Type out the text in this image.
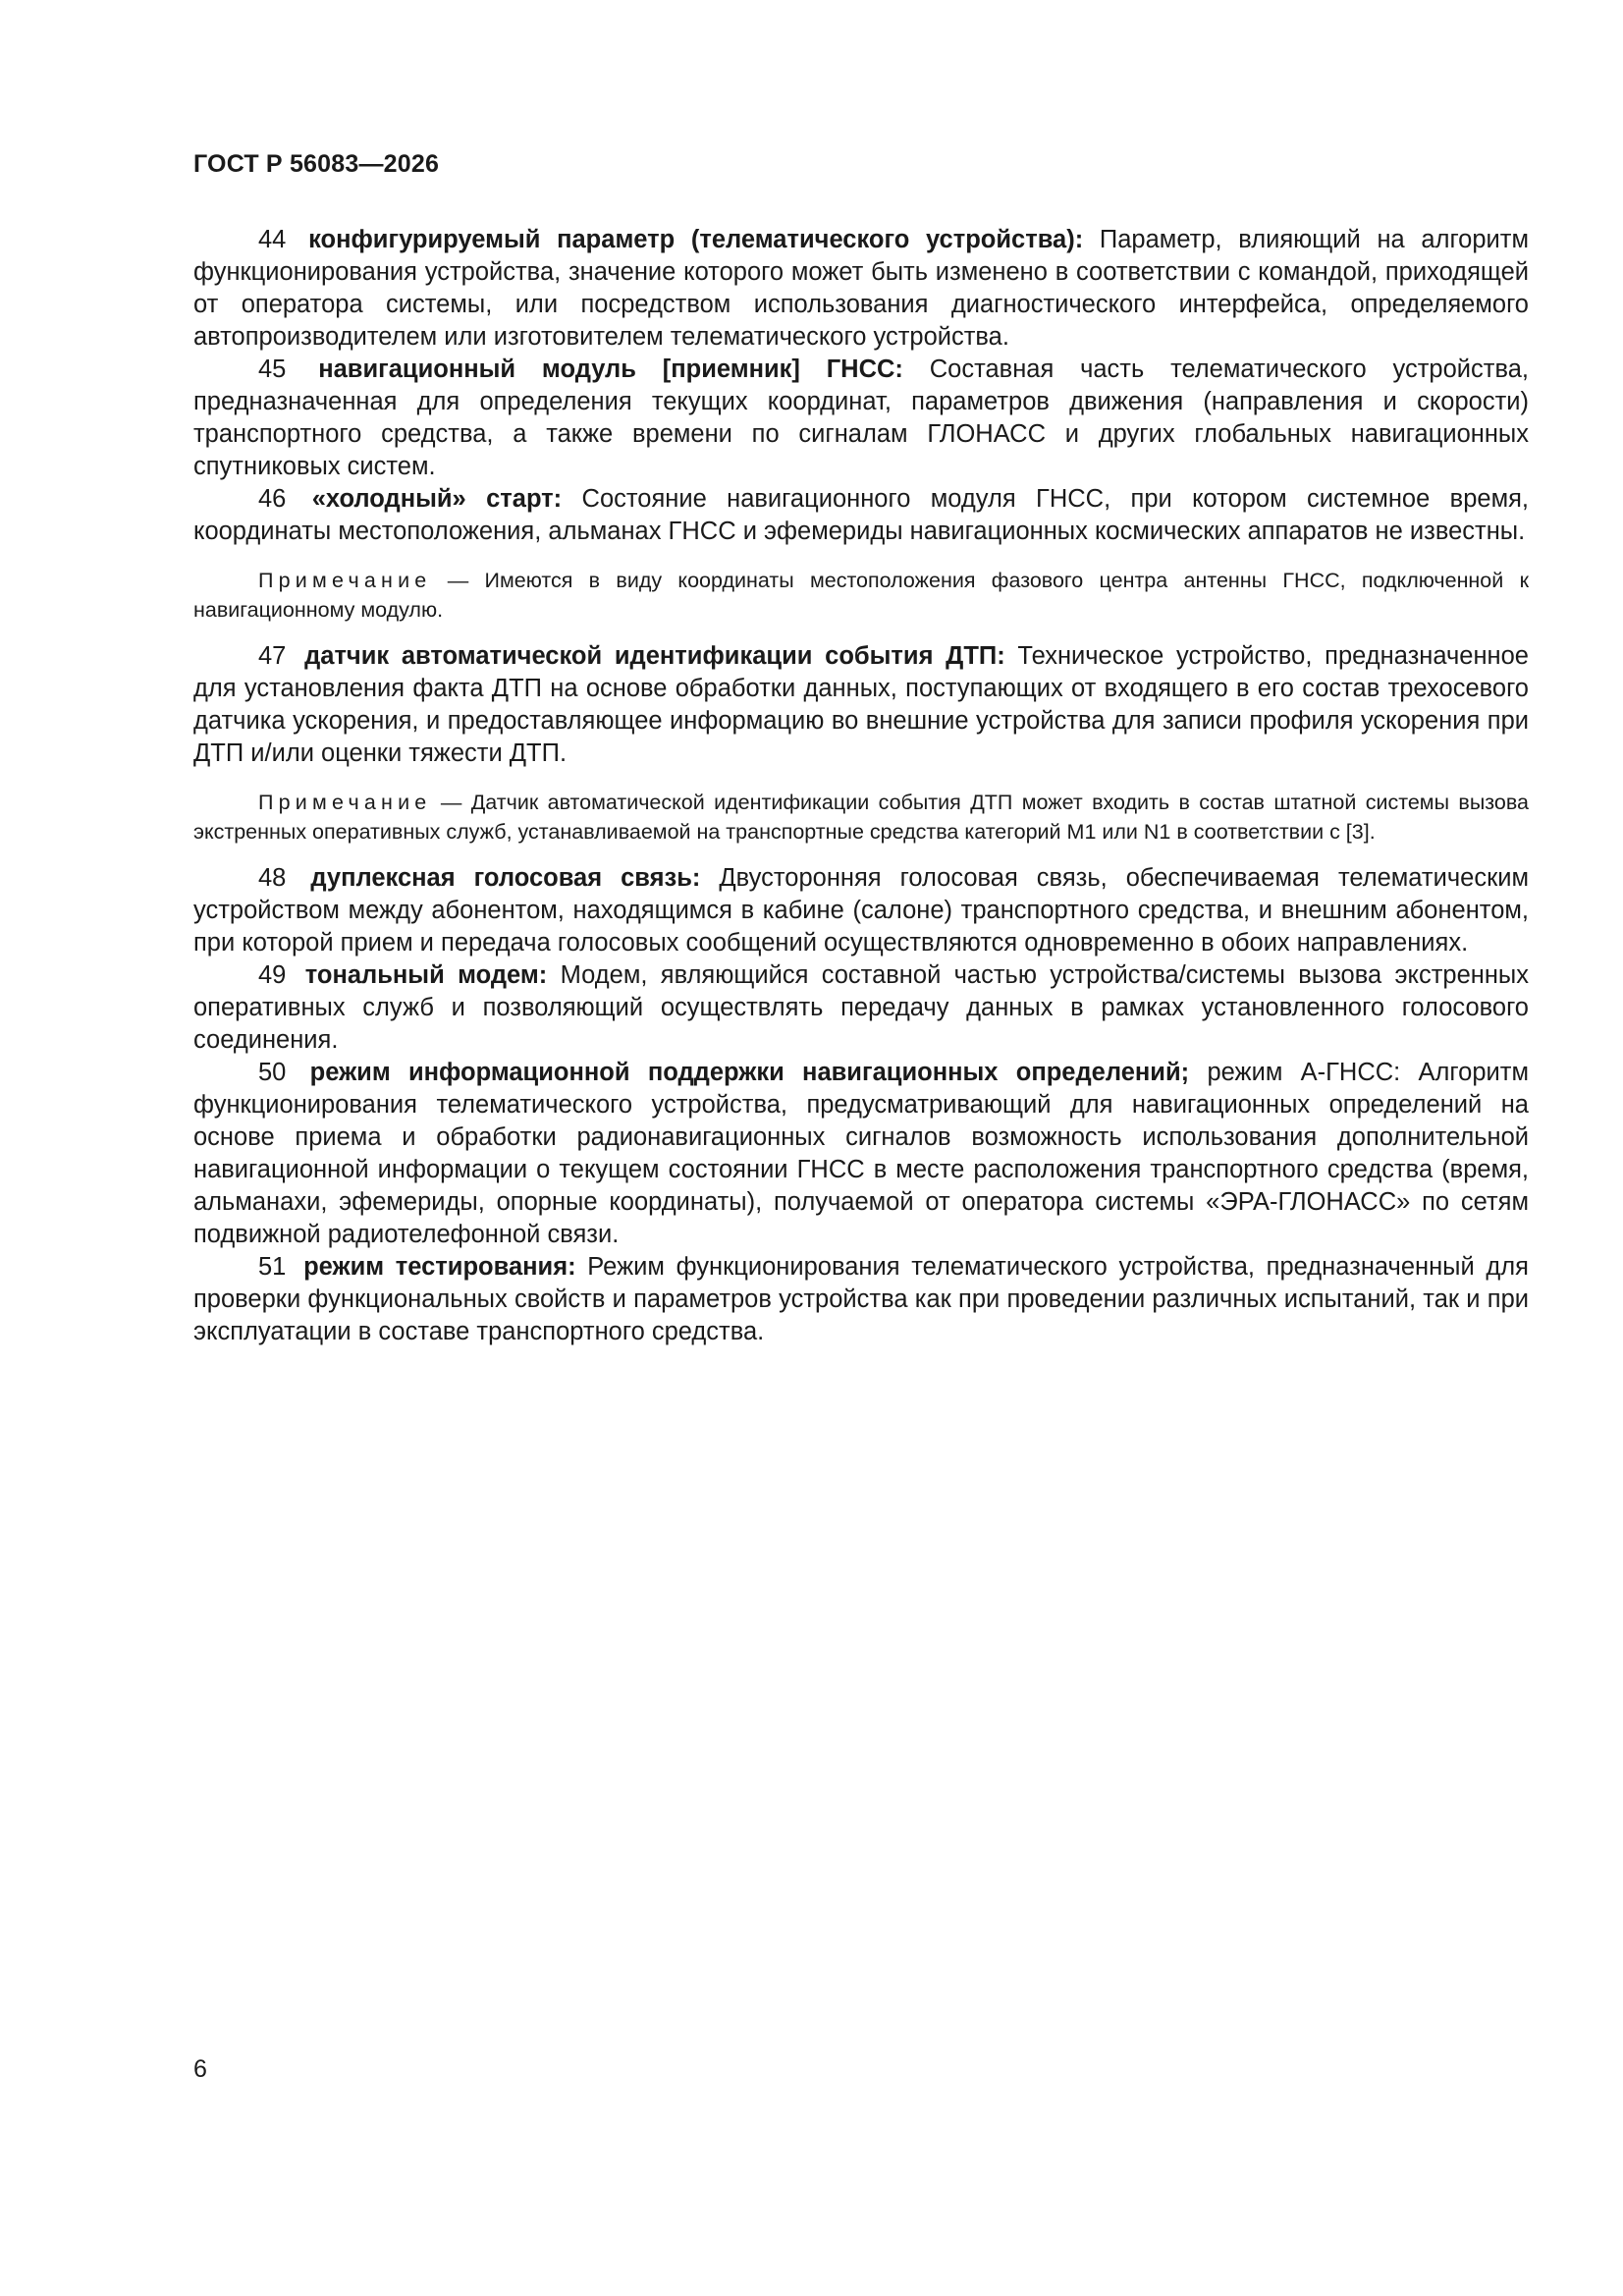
ГОСТ Р 56083—2026

44 конфигурируемый параметр (телематического устройства): Параметр, влияющий на алгоритм функционирования устройства, значение которого может быть изменено в соответствии с командой, приходящей от оператора системы, или посредством использования диагностического интерфейса, определяемого автопроизводителем или изготовителем телематического устройства.

45 навигационный модуль [приемник] ГНСС: Составная часть телематического устройства, предназначенная для определения текущих координат, параметров движения (направления и скорости) транспортного средства, а также времени по сигналам ГЛОНАСС и других глобальных навигационных спутниковых систем.

46 «холодный» старт: Состояние навигационного модуля ГНСС, при котором системное время, координаты местоположения, альманах ГНСС и эфемериды навигационных космических аппаратов не известны.

Примечание — Имеются в виду координаты местоположения фазового центра антенны ГНСС, подключенной к навигационному модулю.

47 датчик автоматической идентификации события ДТП: Техническое устройство, предназначенное для установления факта ДТП на основе обработки данных, поступающих от входящего в его состав трехосевого датчика ускорения, и предоставляющее информацию во внешние устройства для записи профиля ускорения при ДТП и/или оценки тяжести ДТП.

Примечание — Датчик автоматической идентификации события ДТП может входить в состав штатной системы вызова экстренных оперативных служб, устанавливаемой на транспортные средства категорий М1 или N1 в соответствии с [3].

48 дуплексная голосовая связь: Двусторонняя голосовая связь, обеспечиваемая телематическим устройством между абонентом, находящимся в кабине (салоне) транспортного средства, и внешним абонентом, при которой прием и передача голосовых сообщений осуществляются одновременно в обоих направлениях.

49 тональный модем: Модем, являющийся составной частью устройства/системы вызова экстренных оперативных служб и позволяющий осуществлять передачу данных в рамках установленного голосового соединения.

50 режим информационной поддержки навигационных определений; режим А-ГНСС: Алгоритм функционирования телематического устройства, предусматривающий для навигационных определений на основе приема и обработки радионавигационных сигналов возможность использования дополнительной навигационной информации о текущем состоянии ГНСС в месте расположения транспортного средства (время, альманахи, эфемериды, опорные координаты), получаемой от оператора системы «ЭРА-ГЛОНАСС» по сетям подвижной радиотелефонной связи.

51 режим тестирования: Режим функционирования телематического устройства, предназначенный для проверки функциональных свойств и параметров устройства как при проведении различных испытаний, так и при эксплуатации в составе транспортного средства.

6
